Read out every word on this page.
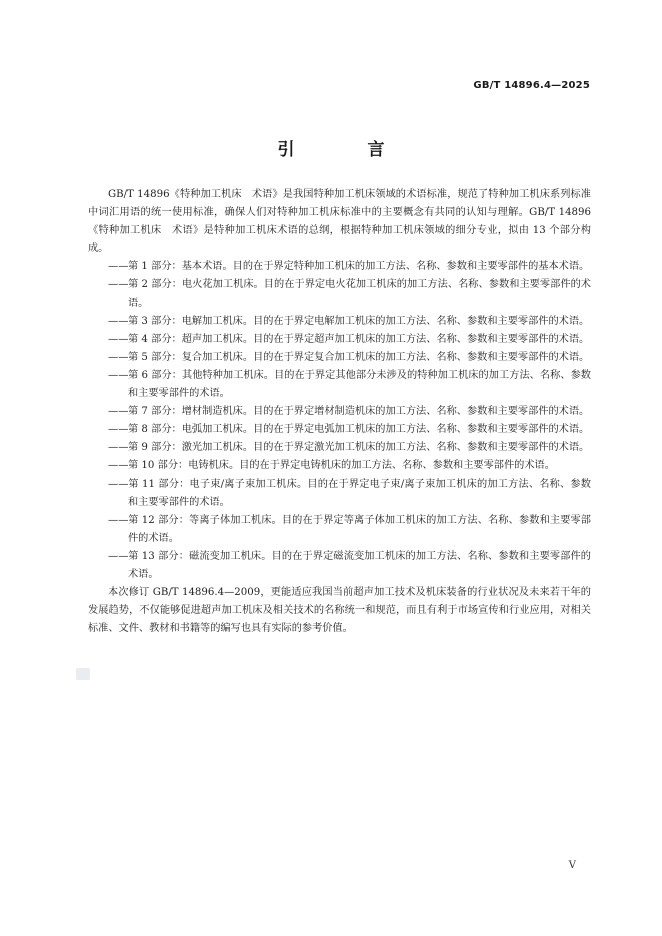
GB/T 14896.4—2025
引　言

GB/T 14896《特种加工机床　术语》是我国特种加工机床领域的术语标准，规范了特种加工机床系列标准中词汇用语的统一使用标准，确保人们对特种加工机床标准中的主要概念有共同的认知与理解。GB/T 14896《特种加工机床　术语》是特种加工机床术语的总纲，根据特种加工机床领域的细分专业，拟由 13 个部分构成。

——第 1 部分：基本术语。目的在于界定特种加工机床的加工方法、名称、参数和主要零部件的基本术语。
——第 2 部分：电火花加工机床。目的在于界定电火花加工机床的加工方法、名称、参数和主要零部件的术语。
——第 3 部分：电解加工机床。目的在于界定电解加工机床的加工方法、名称、参数和主要零部件的术语。
——第 4 部分：超声加工机床。目的在于界定超声加工机床的加工方法、名称、参数和主要零部件的术语。
——第 5 部分：复合加工机床。目的在于界定复合加工机床的加工方法、名称、参数和主要零部件的术语。
——第 6 部分：其他特种加工机床。目的在于界定其他部分未涉及的特种加工机床的加工方法、名称、参数和主要零部件的术语。
——第 7 部分：增材制造机床。目的在于界定增材制造机床的加工方法、名称、参数和主要零部件的术语。
——第 8 部分：电弧加工机床。目的在于界定电弧加工机床的加工方法、名称、参数和主要零部件的术语。
——第 9 部分：激光加工机床。目的在于界定激光加工机床的加工方法、名称、参数和主要零部件的术语。
——第 10 部分：电铸机床。目的在于界定电铸机床的加工方法、名称、参数和主要零部件的术语。
——第 11 部分：电子束/离子束加工机床。目的在于界定电子束/离子束加工机床的加工方法、名称、参数和主要零部件的术语。
——第 12 部分：等离子体加工机床。目的在于界定等离子体加工机床的加工方法、名称、参数和主要零部件的术语。
——第 13 部分：磁流变加工机床。目的在于界定磁流变加工机床的加工方法、名称、参数和主要零部件的术语。

本次修订 GB/T 14896.4—2009，更能适应我国当前超声加工技术及机床装备的行业状况及未来若干年的发展趋势，不仅能够促进超声加工机床及相关技术的名称统一和规范，而且有利于市场宣传和行业应用，对相关标准、文件、教材和书籍等的编写也具有实际的参考价值。

V
